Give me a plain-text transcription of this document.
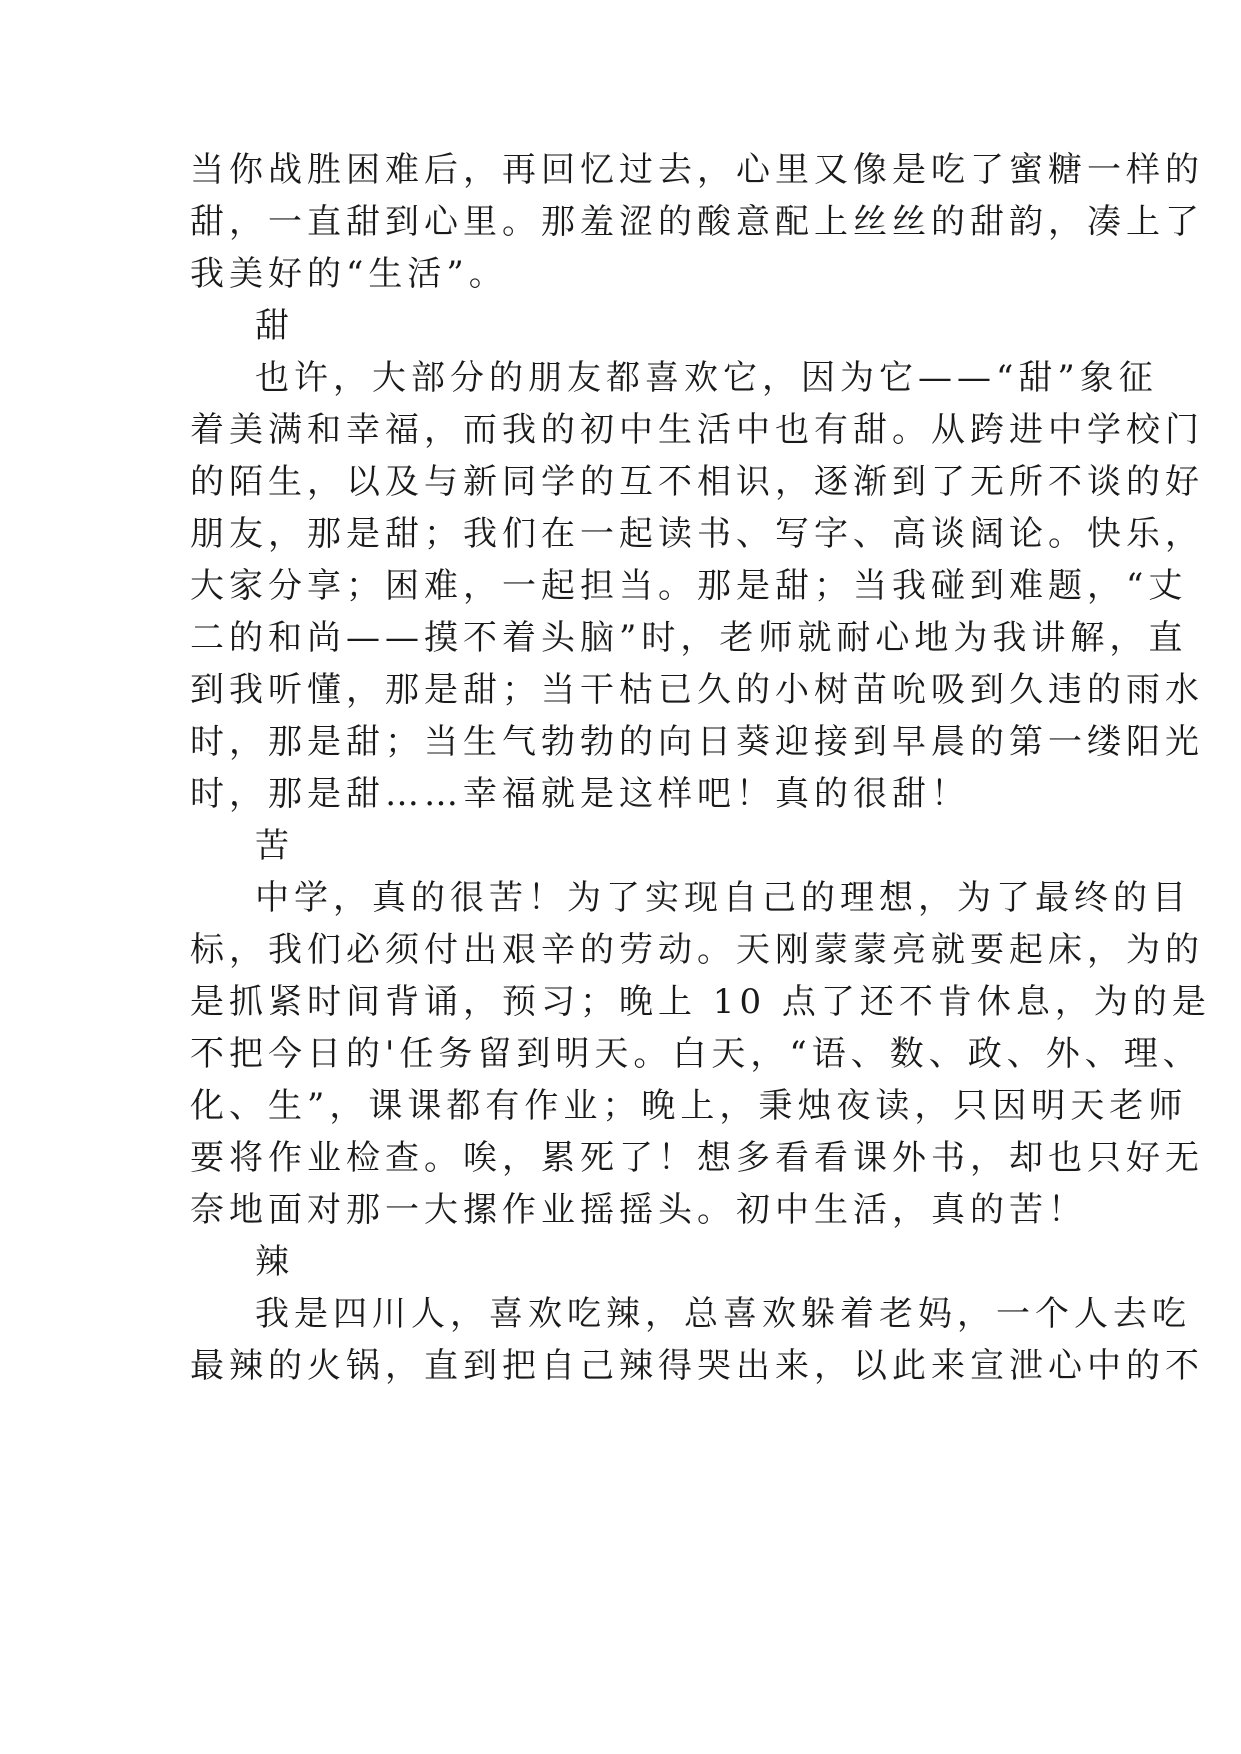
当你战胜困难后，再回忆过去，心里又像是吃了蜜糖一样的
甜，一直甜到心里。那羞涩的酸意配上丝丝的甜韵，凑上了
我美好的“生活”。
甜
也许，大部分的朋友都喜欢它，因为它——“甜”象征
着美满和幸福，而我的初中生活中也有甜。从跨进中学校门
的陌生，以及与新同学的互不相识，逐渐到了无所不谈的好
朋友，那是甜；我们在一起读书、写字、高谈阔论。快乐，
大家分享；困难，一起担当。那是甜；当我碰到难题，“丈
二的和尚——摸不着头脑”时，老师就耐心地为我讲解，直
到我听懂，那是甜；当干枯已久的小树苗吮吸到久违的雨水
时，那是甜；当生气勃勃的向日葵迎接到早晨的第一缕阳光
时，那是甜……幸福就是这样吧！真的很甜！
苦
中学，真的很苦！为了实现自己的理想，为了最终的目
标，我们必须付出艰辛的劳动。天刚蒙蒙亮就要起床，为的
是抓紧时间背诵，预习；晚上 10 点了还不肯休息，为的是
不把今日的'任务留到明天。白天，“语、数、政、外、理、
化、生”，课课都有作业；晚上，秉烛夜读，只因明天老师
要将作业检查。唉，累死了！想多看看课外书，却也只好无
奈地面对那一大摞作业摇摇头。初中生活，真的苦！
辣
我是四川人，喜欢吃辣，总喜欢躲着老妈，一个人去吃
最辣的火锅，直到把自己辣得哭出来，以此来宣泄心中的不
